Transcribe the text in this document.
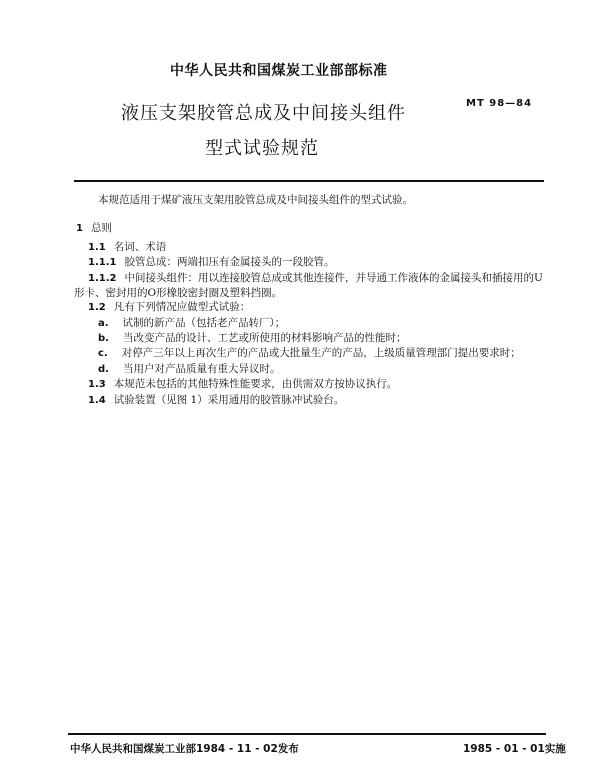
中华人民共和国煤炭工业部部标准
MT 98—84
液压支架胶管总成及中间接头组件
型式试验规范
本规范适用于煤矿液压支架用胶管总成及中间接头组件的型式试验。
1 总则
1.1 名词、术语
1.1.1 胶管总成：两端扣压有金属接头的一段胶管。
1.1.2 中间接头组件：用以连接胶管总成或其他连接件，并导通工作液体的金属接头和插接用的U
形卡、密封用的O形橡胶密封圈及塑料挡圈。
1.2 凡有下列情况应做型式试验：
a. 试制的新产品（包括老产品转厂）；
b. 当改变产品的设计、工艺或所使用的材料影响产品的性能时；
c. 对停产三年以上再次生产的产品或大批量生产的产品，上级质量管理部门提出要求时；
d. 当用户对产品质量有重大异议时。
1.3 本规范未包括的其他特殊性能要求，由供需双方按协议执行。
1.4 试验装置（见图 1）采用通用的胶管脉冲试验台。
中华人民共和国煤炭工业部1984 - 11 - 02发布	1985 - 01 - 01实施
